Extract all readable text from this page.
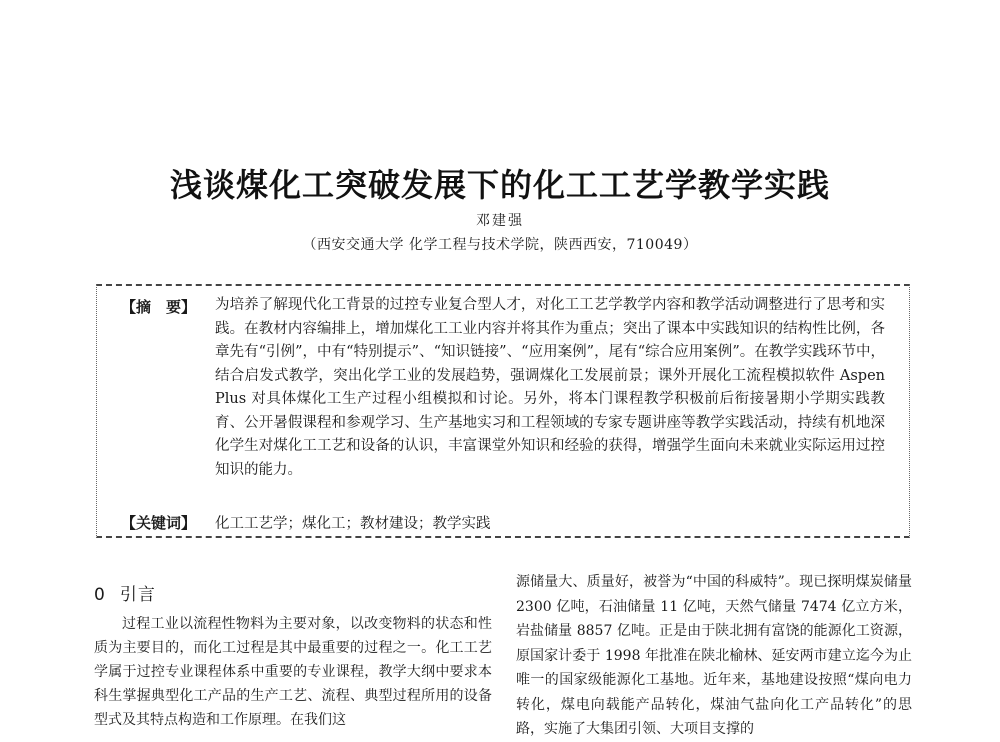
浅谈煤化工突破发展下的化工工艺学教学实践
邓建强
（西安交通大学 化学工程与技术学院，陕西西安，710049）
【摘　要】 为培养了解现代化工背景的过控专业复合型人才，对化工工艺学教学内容和教学活动调整进行了思考和实践。在教材内容编排上，增加煤化工工业内容并将其作为重点；突出了课本中实践知识的结构性比例，各章先有“引例”，中有“特别提示”、“知识链接”、“应用案例”，尾有“综合应用案例”。在教学实践环节中，结合启发式教学，突出化学工业的发展趋势，强调煤化工发展前景；课外开展化工流程模拟软件 Aspen Plus 对具体煤化工生产过程小组模拟和讨论。另外，将本门课程教学积极前后衔接暑期小学期实践教育、公开暑假课程和参观学习、生产基地实习和工程领域的专家专题讲座等教学实践活动，持续有机地深化学生对煤化工工艺和设备的认识，丰富课堂外知识和经验的获得，增强学生面向未来就业实际运用过控知识的能力。
【关键词】 化工工艺学；煤化工；教材建设；教学实践
0 引言
过程工业以流程性物料为主要对象，以改变物料的状态和性质为主要目的，而化工过程是其中最重要的过程之一。化工工艺学属于过控专业课程体系中重要的专业课程，教学大纲中要求本科生掌握典型化工产品的生产工艺、流程、典型过程所用的设备型式及其特点构造和工作原理。在我们这
源储量大、质量好，被誉为“中国的科威特”。现已探明煤炭储量 2300 亿吨，石油储量 11 亿吨，天然气储量 7474 亿立方米，岩盐储量 8857 亿吨。正是由于陕北拥有富饶的能源化工资源，原国家计委于 1998 年批准在陕北榆林、延安两市建立迄今为止唯一的国家级能源化工基地。近年来，基地建设按照“煤向电力转化，煤电向载能产品转化，煤油气盐向化工产品转化”的思路，实施了大集团引领、大项目支撑的
